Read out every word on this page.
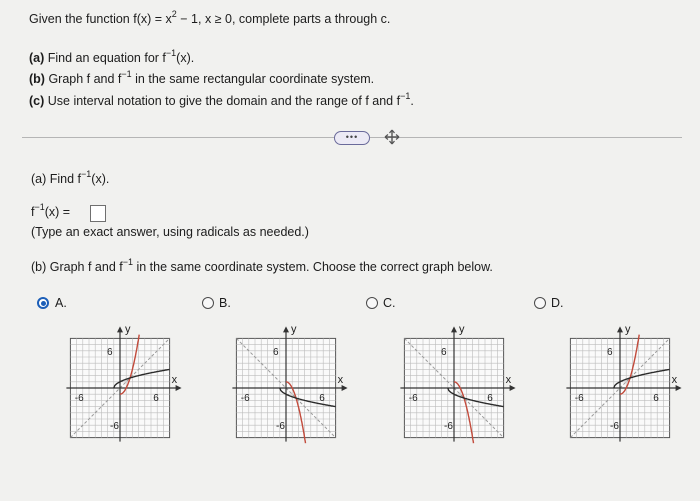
Given the function $f(x) = x^2 - 1$, x ≥ 0, complete parts a through c.
(a) Find an equation for $f^{-1}(x)$.
(b) Graph f and $f^{-1}$ in the same rectangular coordinate system.
(c) Use interval notation to give the domain and the range of f and $f^{-1}$.
•••
(a) Find $f^{-1}(x)$.
$f^{-1}(x)$ =
(Type an exact answer, using radicals as needed.)
(b) Graph f and $f^{-1}$ in the same coordinate system. Choose the correct graph below.
A.	B.	C.	D.
y
x
6
-6	6
-6
y
x
6
-6	6
-6
y
x
6
-6	6
-6
y
x
6
-6	6
-6
